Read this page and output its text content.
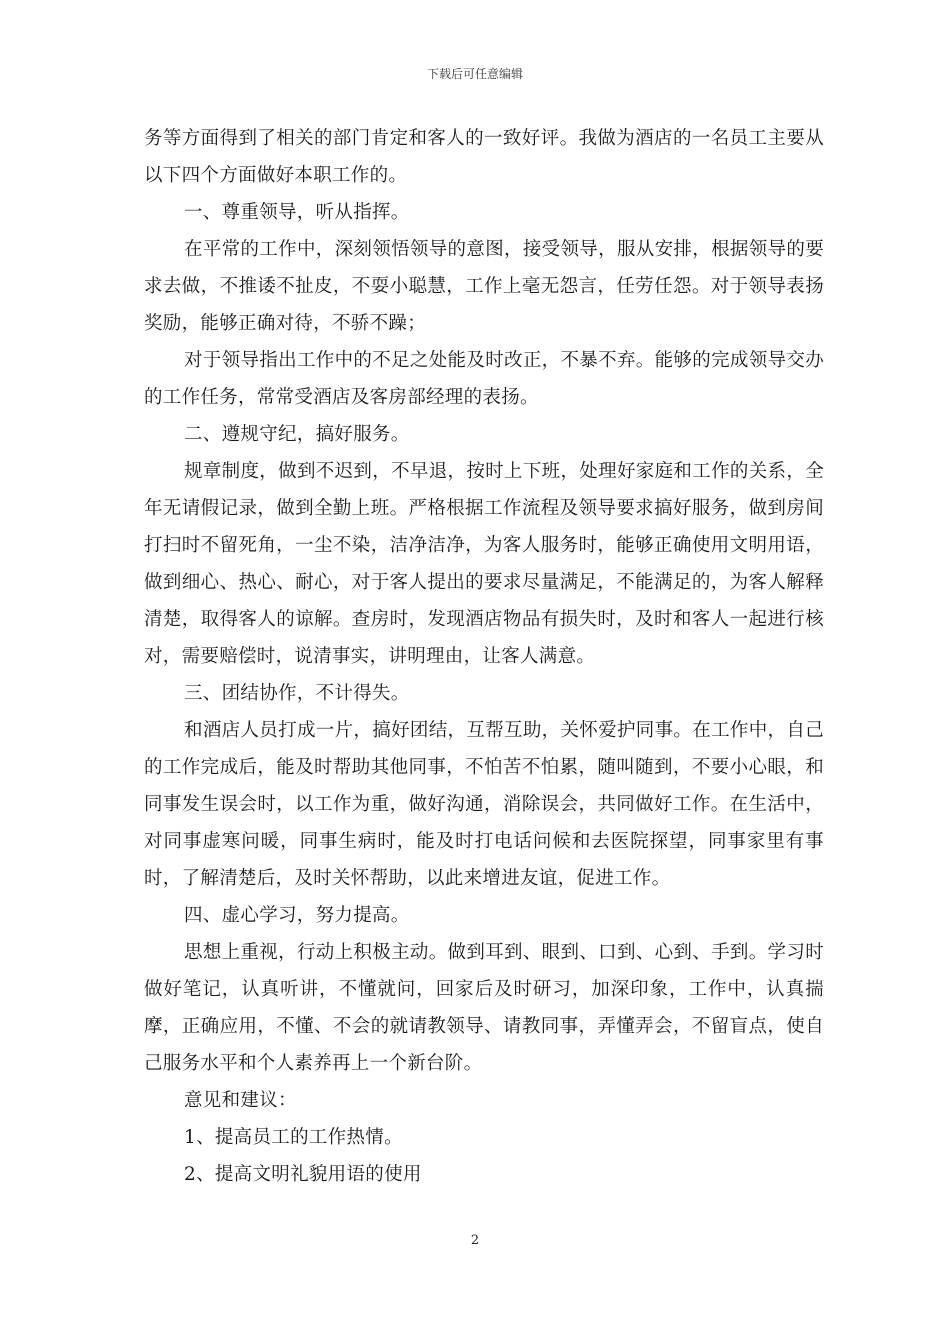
下载后可任意编辑

务等方面得到了相关的部门肯定和客人的一致好评。我做为酒店的一名员工主要从以下四个方面做好本职工作的。

一、尊重领导，听从指挥。

在平常的工作中，深刻领悟领导的意图，接受领导，服从安排，根据领导的要求去做，不推诿不扯皮，不耍小聪慧，工作上毫无怨言，任劳任怨。对于领导表扬奖励，能够正确对待，不骄不躁；

对于领导指出工作中的不足之处能及时改正，不暴不弃。能够的完成领导交办的工作任务，常常受酒店及客房部经理的表扬。

二、遵规守纪，搞好服务。

规章制度，做到不迟到，不早退，按时上下班，处理好家庭和工作的关系，全年无请假记录，做到全勤上班。严格根据工作流程及领导要求搞好服务，做到房间打扫时不留死角，一尘不染，洁净洁净，为客人服务时，能够正确使用文明用语，做到细心、热心、耐心，对于客人提出的要求尽量满足，不能满足的，为客人解释清楚，取得客人的谅解。查房时，发现酒店物品有损失时，及时和客人一起进行核对，需要赔偿时，说清事实，讲明理由，让客人满意。

三、团结协作，不计得失。

和酒店人员打成一片，搞好团结，互帮互助，关怀爱护同事。在工作中，自己的工作完成后，能及时帮助其他同事，不怕苦不怕累，随叫随到，不要小心眼，和同事发生误会时，以工作为重，做好沟通，消除误会，共同做好工作。在生活中，对同事虚寒问暖，同事生病时，能及时打电话问候和去医院探望，同事家里有事时，了解清楚后，及时关怀帮助，以此来增进友谊，促进工作。

四、虚心学习，努力提高。

思想上重视，行动上积极主动。做到耳到、眼到、口到、心到、手到。学习时做好笔记，认真听讲，不懂就问，回家后及时研习，加深印象，工作中，认真揣摩，正确应用，不懂、不会的就请教领导、请教同事，弄懂弄会，不留盲点，使自己服务水平和个人素养再上一个新台阶。

意见和建议：

1、提高员工的工作热情。

2、提高文明礼貌用语的使用

2
